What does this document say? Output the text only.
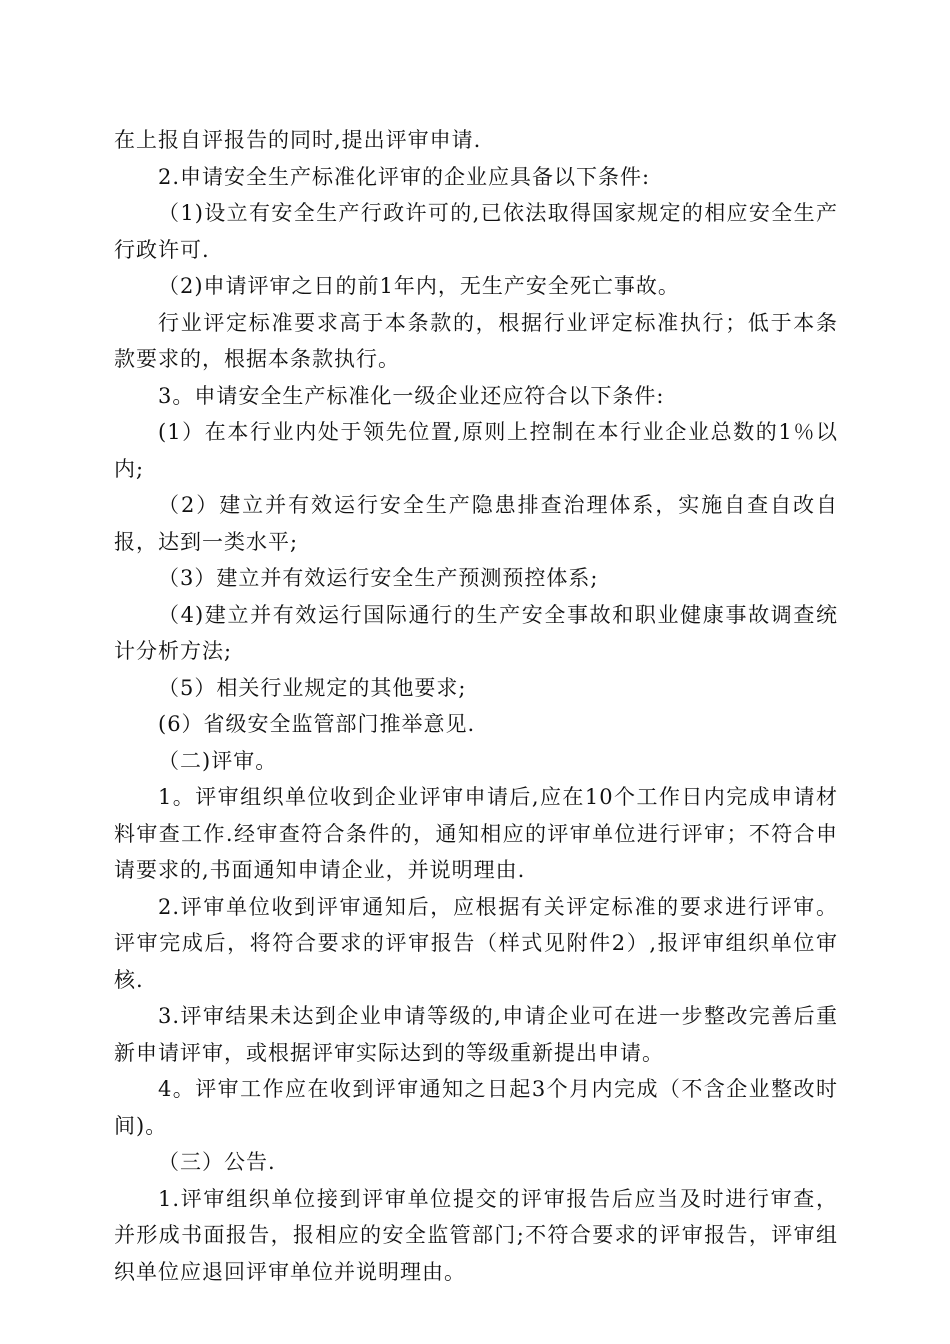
在上报自评报告的同时,提出评审申请.

2.申请安全生产标准化评审的企业应具备以下条件:

（1)设立有安全生产行政许可的,已依法取得国家规定的相应安全生产行政许可.

（2)申请评审之日的前1年内，无生产安全死亡事故。

行业评定标准要求高于本条款的，根据行业评定标准执行；低于本条款要求的，根据本条款执行。

3。申请安全生产标准化一级企业还应符合以下条件:

(1）在本行业内处于领先位置,原则上控制在本行业企业总数的1％以内;

（2）建立并有效运行安全生产隐患排查治理体系，实施自查自改自报，达到一类水平;

（3）建立并有效运行安全生产预测预控体系;

（4)建立并有效运行国际通行的生产安全事故和职业健康事故调查统计分析方法;

（5）相关行业规定的其他要求;

(6）省级安全监管部门推举意见.

（二)评审。

1。评审组织单位收到企业评审申请后,应在10个工作日内完成申请材料审查工作.经审查符合条件的，通知相应的评审单位进行评审；不符合申请要求的,书面通知申请企业，并说明理由.

2.评审单位收到评审通知后，应根据有关评定标准的要求进行评审。评审完成后，将符合要求的评审报告（样式见附件2）,报评审组织单位审核.

3.评审结果未达到企业申请等级的,申请企业可在进一步整改完善后重新申请评审，或根据评审实际达到的等级重新提出申请。

4。评审工作应在收到评审通知之日起3个月内完成（不含企业整改时间)。

（三）公告.

1.评审组织单位接到评审单位提交的评审报告后应当及时进行审查，并形成书面报告，报相应的安全监管部门;不符合要求的评审报告，评审组织单位应退回评审单位并说明理由。
